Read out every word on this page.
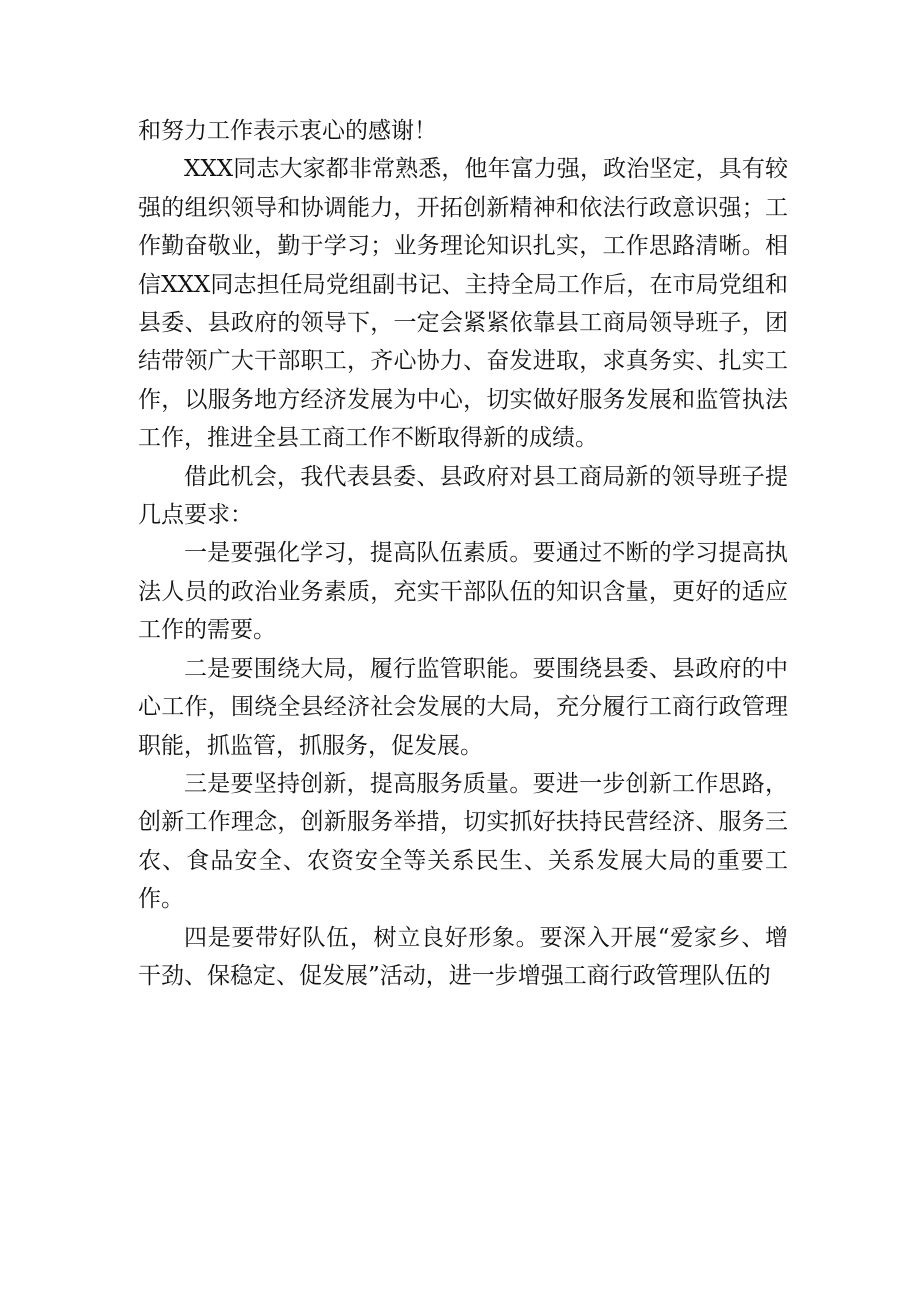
和努力工作表示衷心的感谢！

XXX同志大家都非常熟悉，他年富力强，政治坚定，具有较强的组织领导和协调能力，开拓创新精神和依法行政意识强；工作勤奋敬业，勤于学习；业务理论知识扎实，工作思路清晰。相信XXX同志担任局党组副书记、主持全局工作后，在市局党组和县委、县政府的领导下，一定会紧紧依靠县工商局领导班子，团结带领广大干部职工，齐心协力、奋发进取，求真务实、扎实工作，以服务地方经济发展为中心，切实做好服务发展和监管执法工作，推进全县工商工作不断取得新的成绩。

借此机会，我代表县委、县政府对县工商局新的领导班子提几点要求：

一是要强化学习，提高队伍素质。要通过不断的学习提高执法人员的政治业务素质，充实干部队伍的知识含量，更好的适应工作的需要。

二是要围绕大局，履行监管职能。要围绕县委、县政府的中心工作，围绕全县经济社会发展的大局，充分履行工商行政管理职能，抓监管，抓服务，促发展。

三是要坚持创新，提高服务质量。要进一步创新工作思路，创新工作理念，创新服务举措，切实抓好扶持民营经济、服务三农、食品安全、农资安全等关系民生、关系发展大局的重要工作。

四是要带好队伍，树立良好形象。要深入开展“爱家乡、增干劲、保稳定、促发展”活动，进一步增强工商行政管理队伍的
